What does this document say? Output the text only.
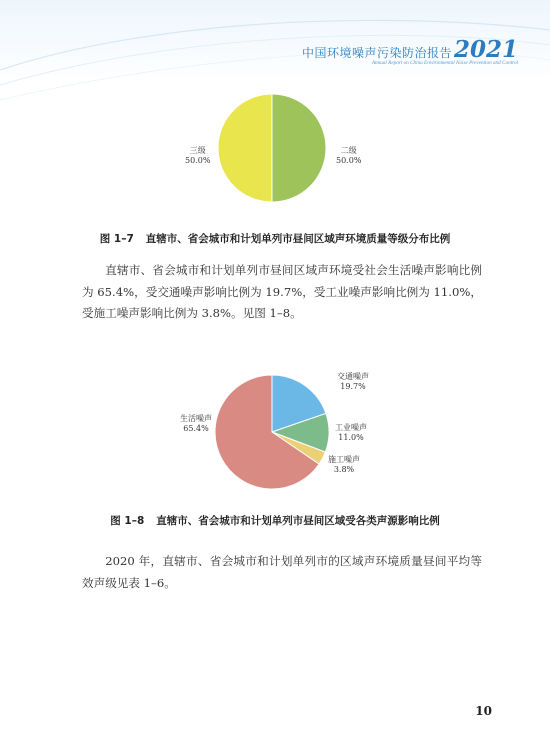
中国环境噪声污染防治报告 2021
Annual Report on China Environmental Noise Prevention and Control
三级
50.0%
二级
50.0%
图 1–7 直辖市、省会城市和计划单列市昼间区域声环境质量等级分布比例

直辖市、省会城市和计划单列市昼间区域声环境受社会生活噪声影响比例为 65.4%，受交通噪声影响比例为 19.7%，受工业噪声影响比例为 11.0%，受施工噪声影响比例为 3.8%。见图 1–8。

交通噪声
19.7%
工业噪声
11.0%
施工噪声
3.8%
生活噪声
65.4%
图 1–8 直辖市、省会城市和计划单列市昼间区域受各类声源影响比例

2020 年，直辖市、省会城市和计划单列市的区域声环境质量昼间平均等效声级见表 1–6。

10
